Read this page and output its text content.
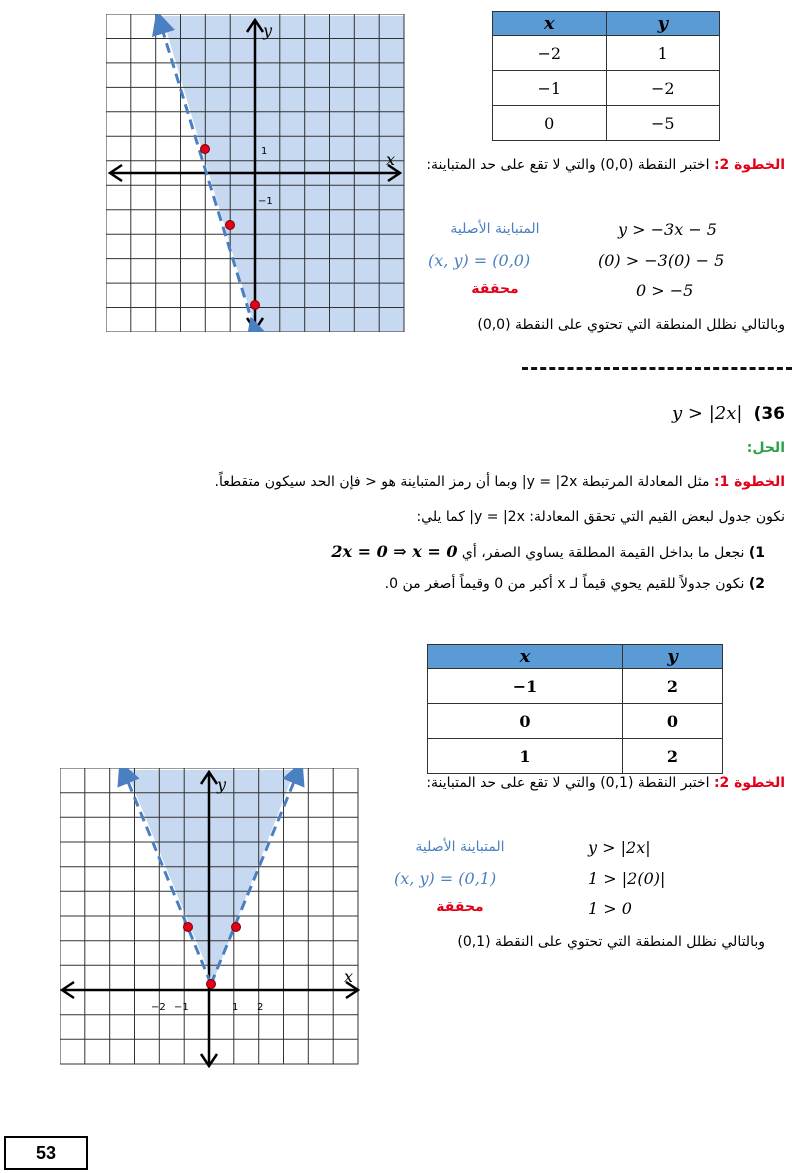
y
x
1
−1
x	y
−2	1
−1	−2
0	−5
الخطوة 2: اختبر النقطة (0,0) والتي لا تقع على حد المتباينة:
y > −3x − 5
المتباينة الأصلية
(0) > −3(0) − 5
(x, y) = (0,0)
0 > −5
محققة
وبالتالي نظلل المنطقة التي تحتوي على النقطة (0,0)
y > |2x| (36
الحل:
الخطوة 1: مثل المعادلة المرتبطة y = |2x| وبما أن رمز المتباينة هو < فإن الحد سيكون متقطعاً.
نكون جدول لبعض القيم التي تحقق المعادلة: y = |2x| كما يلي:
1) نجعل ما بداخل القيمة المطلقة يساوي الصفر، أي 2x = 0 ⇒ x = 0
2) نكون جدولاً للقيم يحوي قيماً لـ x أكبر من 0 وقيماً أصغر من 0.
x	y
−1	2
0	0
1	2
y
x
−2 −1	1 2
الخطوة 2: اختبر النقطة (0,1) والتي لا تقع على حد المتباينة:
y > |2x|
المتباينة الأصلية
1 > |2(0)|
(x, y) = (0,1)
1 > 0
محققة
وبالتالي نظلل المنطقة التي تحتوي على النقطة (0,1)
53
